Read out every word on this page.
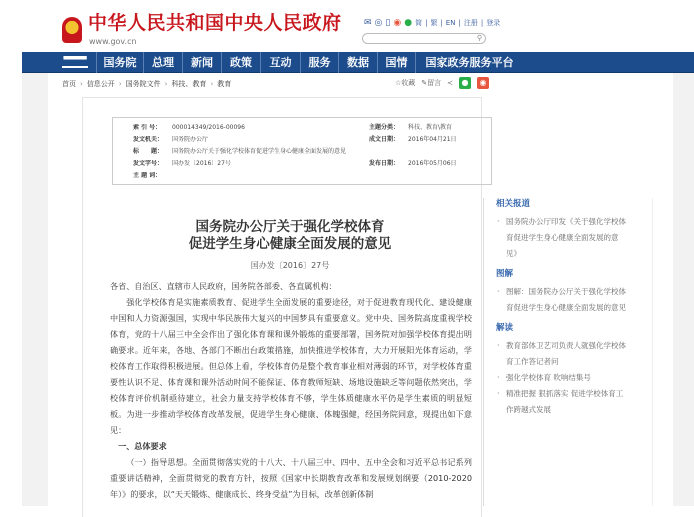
中华人民共和国中央人民政府
www.gov.cn
✉ ◎ ▯ ◉ ● 简 | 繁 | EN | 注册 | 登录
⚲
▀▀▀	国务院	总理	新闻	政策	互动	服务	数据	国情	国家政务服务平台
首页 › 信息公开 › 国务院文件 › 科技、教育 › 教育	☆收藏 ✎留言 ≺	●	◉
索 引 号：	000014349/2016-00096	主题分类：	科技、教育\教育
发文机关：	国务院办公厅	成文日期：	2016年04月21日
标　　题：	国务院办公厅关于强化学校体育促进学生身心健康全面发展的意见
发文字号：	国办发〔2016〕27号	发布日期：	2016年05月06日
主 题 词：
国务院办公厅关于强化学校体育
促进学生身心健康全面发展的意见
国办发〔2016〕27号

各省、自治区、直辖市人民政府，国务院各部委、各直属机构：

强化学校体育是实施素质教育、促进学生全面发展的重要途径，对于促进教育现代化、建设健康中国和人力资源强国，实现中华民族伟大复兴的中国梦具有重要意义。党中央、国务院高度重视学校体育，党的十八届三中全会作出了强化体育课和课外锻炼的重要部署，国务院对加强学校体育提出明确要求。近年来，各地、各部门不断出台政策措施，加快推进学校体育，大力开展阳光体育运动，学校体育工作取得积极进展。但总体上看，学校体育仍是整个教育事业相对薄弱的环节，对学校体育重要性认识不足、体育课和课外活动时间不能保证、体育教师短缺、场地设施缺乏等问题依然突出，学校体育评价机制亟待建立，社会力量支持学校体育不够，学生体质健康水平仍是学生素质的明显短板。为进一步推动学校体育改革发展，促进学生身心健康、体魄强健，经国务院同意，现提出如下意见：

一、总体要求

（一）指导思想。全面贯彻落实党的十八大、十八届三中、四中、五中全会和习近平总书记系列重要讲话精神，全面贯彻党的教育方针，按照《国家中长期教育改革和发展规划纲要（2010-2020年）》的要求，以“天天锻炼、健康成长、终身受益”为目标，改革创新体制

相关报道
· 国务院办公厅印发《关于强化学校体育促进学生身心健康全面发展的意见》
图解
· 图解：国务院办公厅关于强化学校体育促进学生身心健康全面发展的意见
解读
· 教育部体卫艺司负责人就强化学校体育工作答记者问
· 强化学校体育 吹响结集号
· 精准把握 狠抓落实 促进学校体育工作跨越式发展
